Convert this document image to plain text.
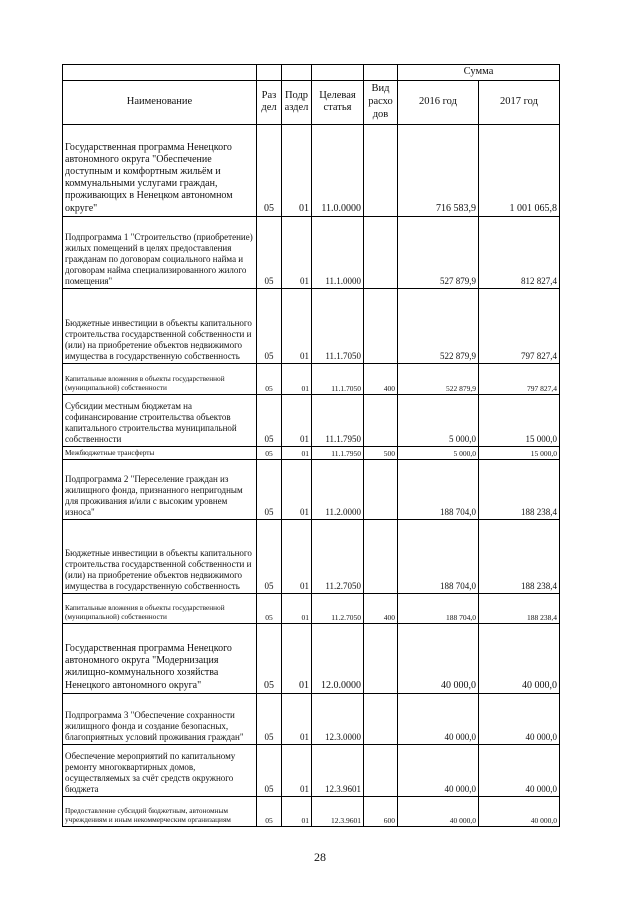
					Сумма	
Наименование	Раз дел	Подр аздел	Целевая статья	Вид расхо дов	2016 год	2017 год
Государственная программа Ненецкого автономного округа "Обеспечение доступным и комфортным жильём и коммунальными услугами граждан, проживающих в Ненецком автономном округе"	05	01	11.0.0000		716 583,9	1 001 065,8
Подпрограмма 1 "Строительство (приобретение) жилых помещений в целях предоставления гражданам по договорам социального найма и договорам найма специализированного жилого помещения"	05	01	11.1.0000		527 879,9	812 827,4
Бюджетные инвестиции в объекты капитального строительства государственной собственности и (или) на приобретение объектов недвижимого имущества в государственную собственность	05	01	11.1.7050		522 879,9	797 827,4
Капитальные вложения в объекты государственной (муниципальной) собственности	05	01	11.1.7050	400	522 879,9	797 827,4
Субсидии местным бюджетам на софинансирование строительства объектов капитального строительства муниципальной собственности	05	01	11.1.7950		5 000,0	15 000,0
Межбюджетные трансферты	05	01	11.1.7950	500	5 000,0	15 000,0
Подпрограмма 2 "Переселение граждан из жилищного фонда, признанного непригодным для проживания и/или с высоким уровнем износа"	05	01	11.2.0000		188 704,0	188 238,4
Бюджетные инвестиции в объекты капитального строительства государственной собственности и (или) на приобретение объектов недвижимого имущества в государственную собственность	05	01	11.2.7050		188 704,0	188 238,4
Капитальные вложения в объекты государственной (муниципальной) собственности	05	01	11.2.7050	400	188 704,0	188 238,4
Государственная программа Ненецкого автономного округа "Модернизация жилищно-коммунального хозяйства Ненецкого автономного округа"	05	01	12.0.0000		40 000,0	40 000,0
Подпрограмма 3 "Обеспечение сохранности жилищного фонда и создание безопасных, благоприятных условий проживания граждан"	05	01	12.3.0000		40 000,0	40 000,0
Обеспечение мероприятий по капитальному ремонту многоквартирных домов, осуществляемых за счёт средств окружного бюджета	05	01	12.3.9601		40 000,0	40 000,0
Предоставление субсидий бюджетным, автономным учреждениям и иным некоммерческим организациям	05	01	12.3.9601	600	40 000,0	40 000,0
28
